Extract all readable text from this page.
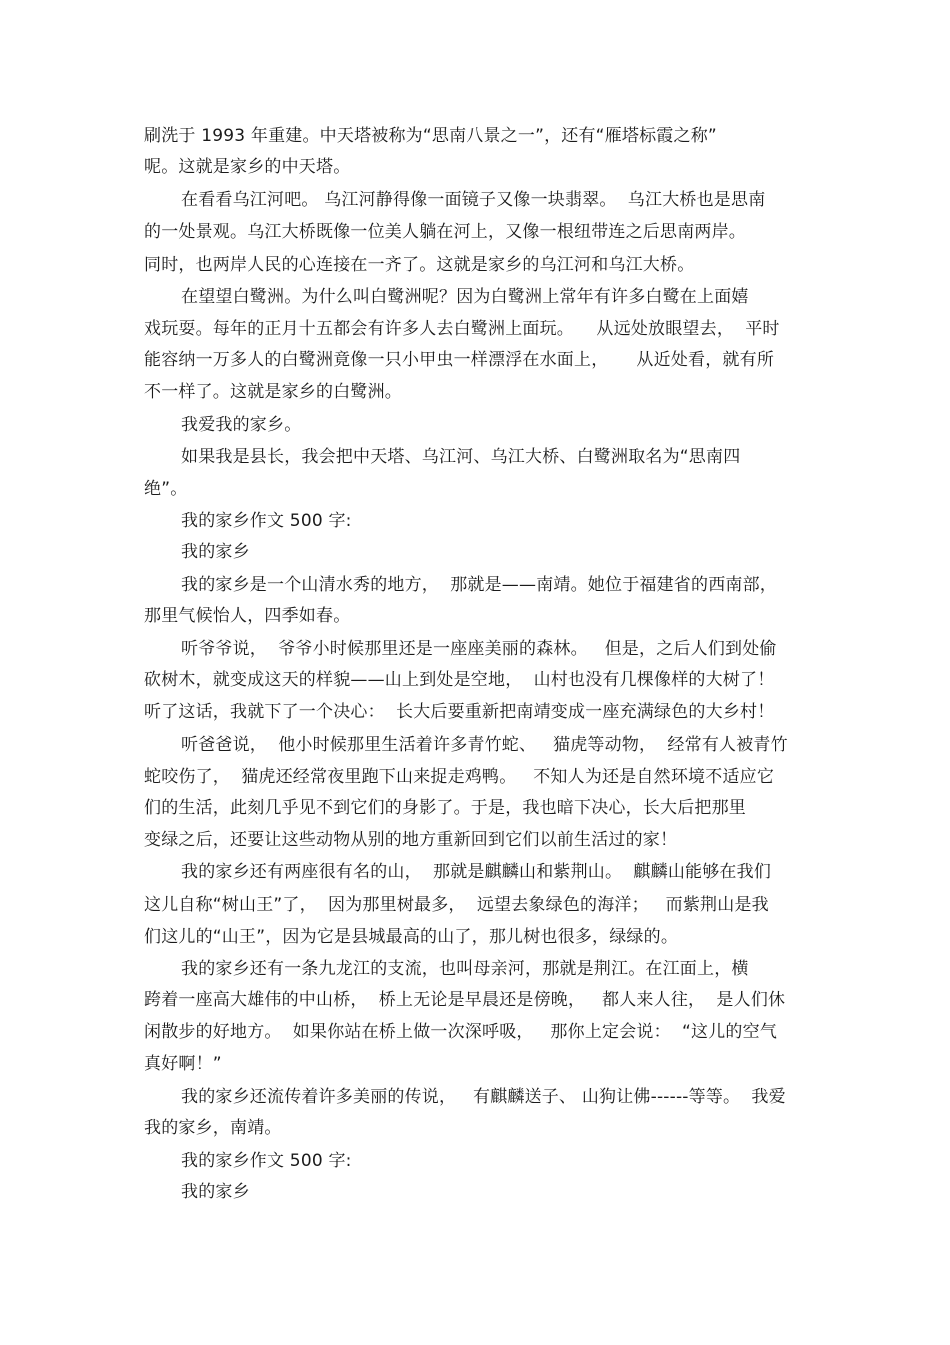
刷洗于 1993 年重建。中天塔被称为“思南八景之一”，还有“雁塔标霞之称”
呢。这就是家乡的中天塔。
在看看乌江河吧。 乌江河静得像一面镜子又像一块翡翠。  乌江大桥也是思南
的一处景观。乌江大桥既像一位美人躺在河上，又像一根纽带连之后思南两岸。
同时，也两岸人民的心连接在一齐了。这就是家乡的乌江河和乌江大桥。
在望望白鹭洲。为什么叫白鹭洲呢？因为白鹭洲上常年有许多白鹭在上面嬉
戏玩耍。每年的正月十五都会有许多人去白鹭洲上面玩。    从远处放眼望去，  平时
能容纳一万多人的白鹭洲竟像一只小甲虫一样漂浮在水面上，     从近处看，就有所
不一样了。这就是家乡的白鹭洲。
我爱我的家乡。
如果我是县长，我会把中天塔、乌江河、乌江大桥、白鹭洲取名为“思南四
绝”。
我的家乡作文 500 字:
我的家乡
我的家乡是一个山清水秀的地方，  那就是——南靖。她位于福建省的西南部，
那里气候怡人，四季如春。
听爷爷说，  爷爷小时候那里还是一座座美丽的森林。   但是，之后人们到处偷
砍树木，就变成这天的样貌——山上到处是空地，  山村也没有几棵像样的大树了！
听了这话，我就下了一个决心：  长大后要重新把南靖变成一座充满绿色的大乡村！
听爸爸说，  他小时候那里生活着许多青竹蛇、   猫虎等动物，  经常有人被青竹
蛇咬伤了，  猫虎还经常夜里跑下山来捉走鸡鸭。   不知人为还是自然环境不适应它
们的生活，此刻几乎见不到它们的身影了。于是，我也暗下决心，长大后把那里
变绿之后，还要让这些动物从别的地方重新回到它们以前生活过的家！
我的家乡还有两座很有名的山，  那就是麒麟山和紫荆山。  麒麟山能够在我们
这儿自称“树山王”了，  因为那里树最多，  远望去象绿色的海洋；   而紫荆山是我
们这儿的“山王”，因为它是县城最高的山了，那儿树也很多，绿绿的。
我的家乡还有一条九龙江的支流，也叫母亲河，那就是荆江。在江面上，横
跨着一座高大雄伟的中山桥，  桥上无论是早晨还是傍晚，   都人来人往，  是人们休
闲散步的好地方。  如果你站在桥上做一次深呼吸，   那你上定会说：  “这儿的空气
真好啊！”
我的家乡还流传着许多美丽的传说，   有麒麟送子、 山狗让佛------等等。  我爱
我的家乡，南靖。
我的家乡作文 500 字:
我的家乡
